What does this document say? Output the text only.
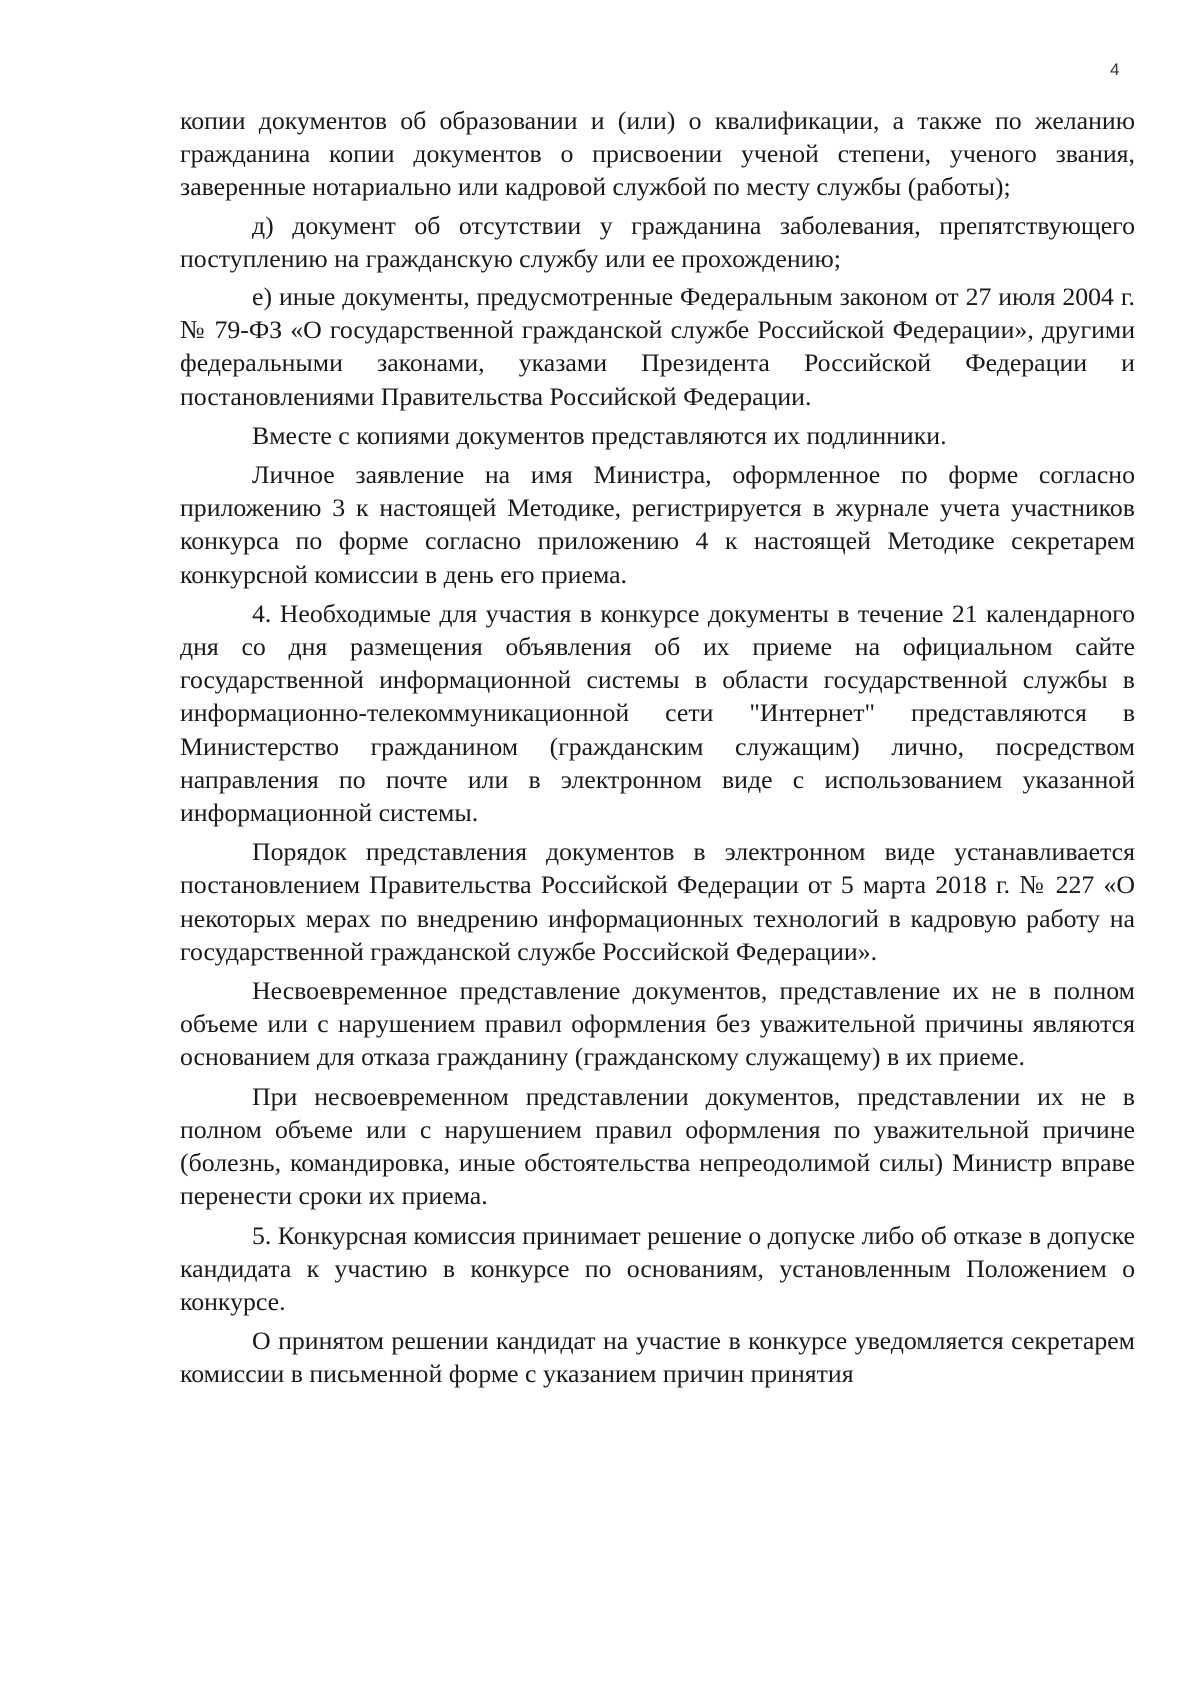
4

копии документов об образовании и (или) о квалификации, а также по желанию гражданина копии документов о присвоении ученой степени, ученого звания, заверенные нотариально или кадровой службой по месту службы (работы);

д) документ об отсутствии у гражданина заболевания, препятствующего поступлению на гражданскую службу или ее прохождению;

е) иные документы, предусмотренные Федеральным законом от 27 июля 2004 г. № 79-ФЗ «О государственной гражданской службе Российской Федерации», другими федеральными законами, указами Президента Российской Федерации и постановлениями Правительства Российской Федерации.

Вместе с копиями документов представляются их подлинники.

Личное заявление на имя Министра, оформленное по форме согласно приложению 3 к настоящей Методике, регистрируется в журнале учета участников конкурса по форме согласно приложению 4 к настоящей Методике секретарем конкурсной комиссии в день его приема.

4. Необходимые для участия в конкурсе документы в течение 21 календарного дня со дня размещения объявления об их приеме на официальном сайте государственной информационной системы в области государственной службы в информационно-телекоммуникационной сети "Интернет" представляются в Министерство гражданином (гражданским служащим) лично, посредством направления по почте или в электронном виде с использованием указанной информационной системы.

Порядок представления документов в электронном виде устанавливается постановлением Правительства Российской Федерации от 5 марта 2018 г. № 227 «О некоторых мерах по внедрению информационных технологий в кадровую работу на государственной гражданской службе Российской Федерации».

Несвоевременное представление документов, представление их не в полном объеме или с нарушением правил оформления без уважительной причины являются основанием для отказа гражданину (гражданскому служащему) в их приеме.

При несвоевременном представлении документов, представлении их не в полном объеме или с нарушением правил оформления по уважительной причине (болезнь, командировка, иные обстоятельства непреодолимой силы) Министр вправе перенести сроки их приема.

5. Конкурсная комиссия принимает решение о допуске либо об отказе в допуске кандидата к участию в конкурсе по основаниям, установленным Положением о конкурсе.

О принятом решении кандидат на участие в конкурсе уведомляется секретарем комиссии в письменной форме с указанием причин принятия
